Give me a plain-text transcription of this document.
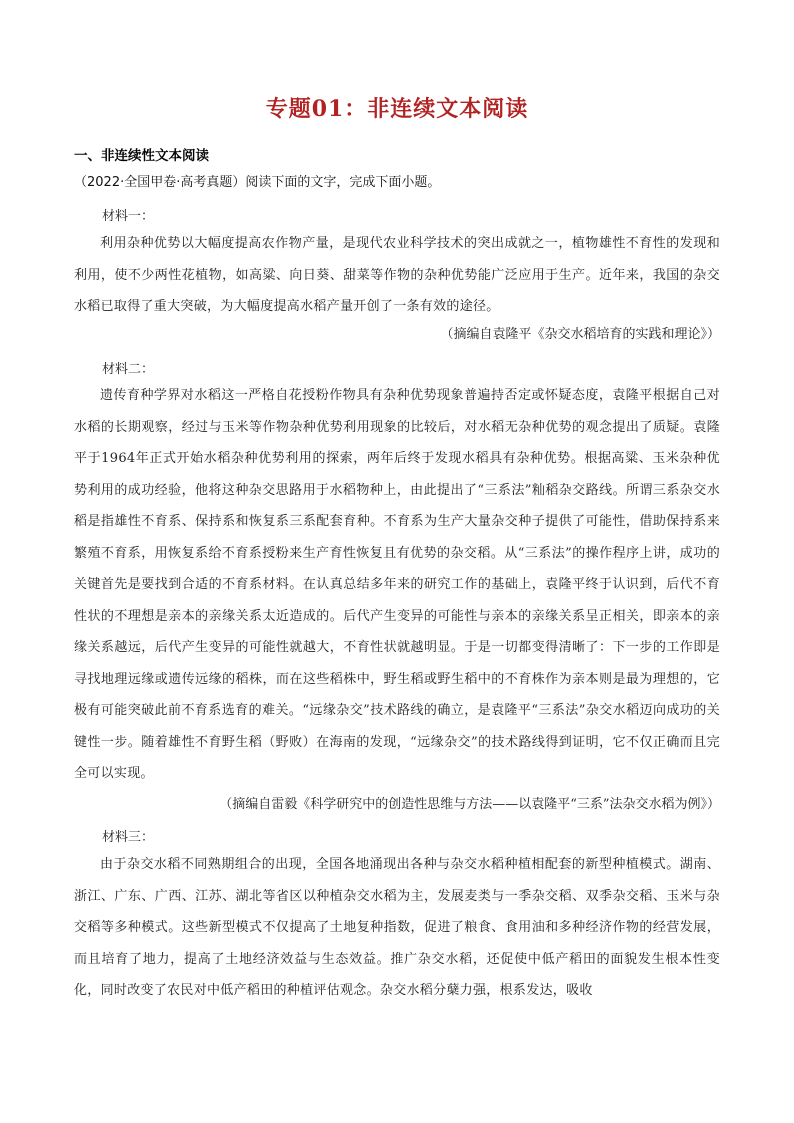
专题01：非连续文本阅读
一、非连续性文本阅读
（2022·全国甲卷·高考真题）阅读下面的文字，完成下面小题。
材料一：
利用杂种优势以大幅度提高农作物产量，是现代农业科学技术的突出成就之一，植物雄性不育性的发现和利用，使不少两性花植物，如高粱、向日葵、甜菜等作物的杂种优势能广泛应用于生产。近年来，我国的杂交水稻已取得了重大突破，为大幅度提高水稻产量开创了一条有效的途径。
（摘编自袁隆平《杂交水稻培育的实践和理论》）
材料二：
遗传育种学界对水稻这一严格自花授粉作物具有杂种优势现象普遍持否定或怀疑态度，袁隆平根据自己对水稻的长期观察，经过与玉米等作物杂种优势利用现象的比较后，对水稻无杂种优势的观念提出了质疑。袁隆平于1964年正式开始水稻杂种优势利用的探索，两年后终于发现水稻具有杂种优势。根据高粱、玉米杂种优势利用的成功经验，他将这种杂交思路用于水稻物种上，由此提出了“三系法”籼稻杂交路线。所谓三系杂交水稻是指雄性不育系、保持系和恢复系三系配套育种。不育系为生产大量杂交种子提供了可能性，借助保持系来繁殖不育系，用恢复系给不育系授粉来生产育性恢复且有优势的杂交稻。从“三系法”的操作程序上讲，成功的关键首先是要找到合适的不育系材料。在认真总结多年来的研究工作的基础上，袁隆平终于认识到，后代不育性状的不理想是亲本的亲缘关系太近造成的。后代产生变异的可能性与亲本的亲缘关系呈正相关，即亲本的亲缘关系越远，后代产生变异的可能性就越大，不育性状就越明显。于是一切都变得清晰了：下一步的工作即是寻找地理远缘或遗传远缘的稻株，而在这些稻株中，野生稻或野生稻中的不育株作为亲本则是最为理想的，它极有可能突破此前不育系选育的难关。“远缘杂交”技术路线的确立，是袁隆平“三系法”杂交水稻迈向成功的关键性一步。随着雄性不育野生稻（野败）在海南的发现，“远缘杂交”的技术路线得到证明，它不仅正确而且完全可以实现。
（摘编自雷毅《科学研究中的创造性思维与方法——以袁隆平“三系”法杂交水稻为例》）
材料三：
由于杂交水稻不同熟期组合的出现，全国各地涌现出各种与杂交水稻种植相配套的新型种植模式。湖南、浙江、广东、广西、江苏、湖北等省区以种植杂交水稻为主，发展麦类与一季杂交稻、双季杂交稻、玉米与杂交稻等多种模式。这些新型模式不仅提高了土地复种指数，促进了粮食、食用油和多种经济作物的经营发展，而且培育了地力，提高了土地经济效益与生态效益。推广杂交水稻，还促使中低产稻田的面貌发生根本性变化，同时改变了农民对中低产稻田的种植评估观念。杂交水稻分蘖力强，根系发达，吸收
